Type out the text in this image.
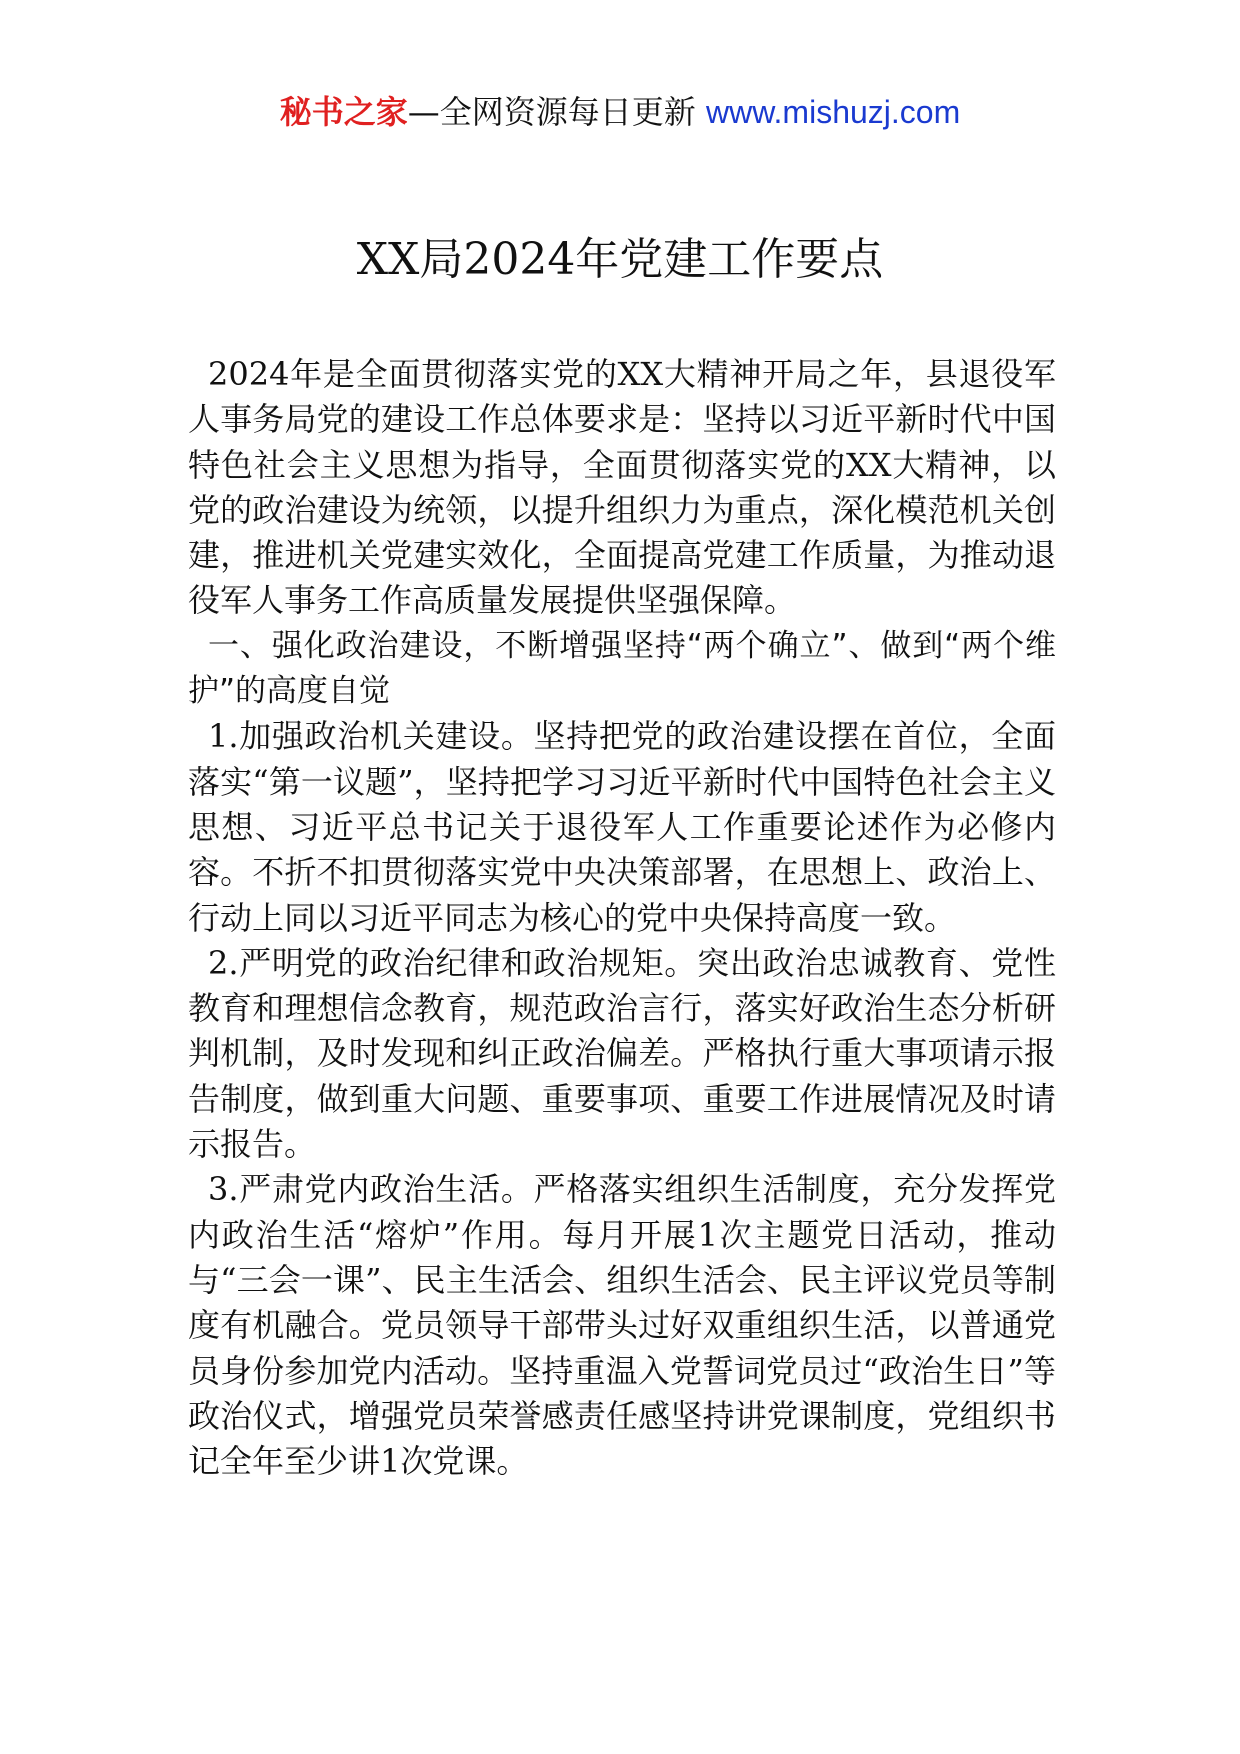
秘书之家—全网资源每日更新 www.mishuzj.com
XX局2024年党建工作要点

2024年是全面贯彻落实党的XX大精神开局之年，县退役军人事务局党的建设工作总体要求是：坚持以习近平新时代中国特色社会主义思想为指导，全面贯彻落实党的XX大精神，以党的政治建设为统领，以提升组织力为重点，深化模范机关创建，推进机关党建实效化，全面提高党建工作质量，为推动退役军人事务工作高质量发展提供坚强保障。

一、强化政治建设，不断增强坚持“两个确立”、做到“两个维护”的高度自觉

1.加强政治机关建设。坚持把党的政治建设摆在首位，全面落实“第一议题”，坚持把学习习近平新时代中国特色社会主义思想、习近平总书记关于退役军人工作重要论述作为必修内容。不折不扣贯彻落实党中央决策部署，在思想上、政治上、行动上同以习近平同志为核心的党中央保持高度一致。

2.严明党的政治纪律和政治规矩。突出政治忠诚教育、党性教育和理想信念教育，规范政治言行，落实好政治生态分析研判机制，及时发现和纠正政治偏差。严格执行重大事项请示报告制度，做到重大问题、重要事项、重要工作进展情况及时请示报告。

3.严肃党内政治生活。严格落实组织生活制度，充分发挥党内政治生活“熔炉”作用。每月开展1次主题党日活动，推动与“三会一课”、民主生活会、组织生活会、民主评议党员等制度有机融合。党员领导干部带头过好双重组织生活，以普通党员身份参加党内活动。坚持重温入党誓词党员过“政治生日”等政治仪式，增强党员荣誉感责任感坚持讲党课制度，党组织书记全年至少讲1次党课。
